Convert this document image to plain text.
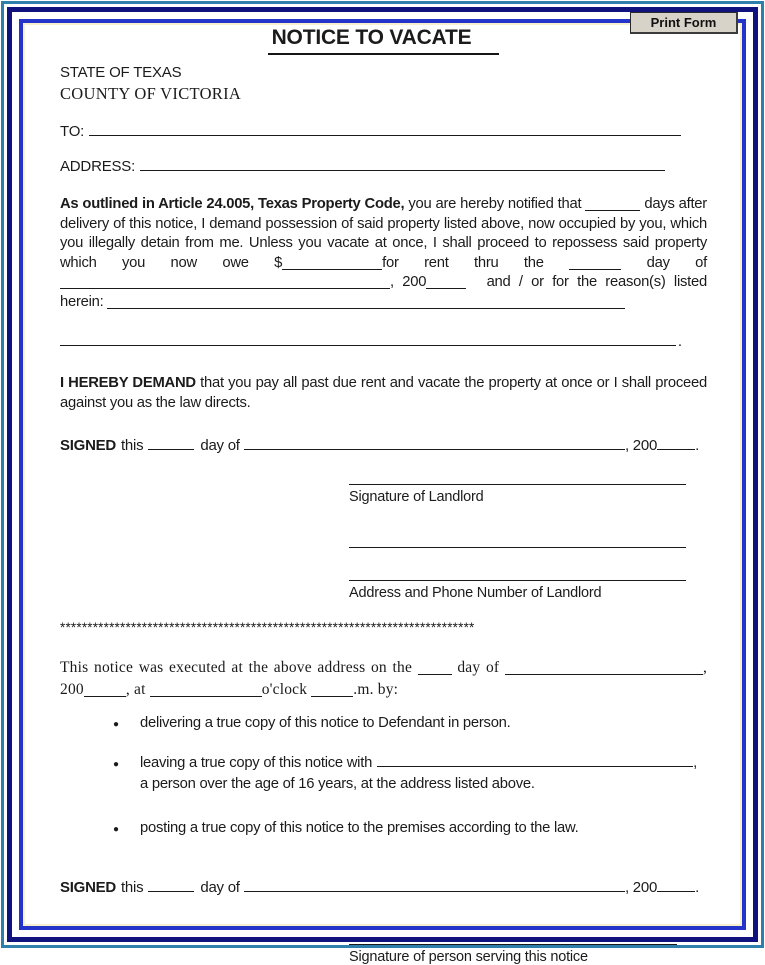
Print Form
NOTICE TO VACATE
STATE OF TEXAS
COUNTY OF VICTORIA
TO:
ADDRESS:

As outlined in Article 24.005, Texas Property Code, you are hereby notified that	days after delivery of this notice, I demand possession of said property listed above, now occupied by you, which you illegally detain from me. Unless you vacate at once, I shall proceed to repossess said property which you now owe $	for rent thru the	day of , 200	and / or for the reason(s) listed herein:

.

I HEREBY DEMAND that you pay all past due rent and vacate the property at once or I shall proceed against you as the law directs.

SIGNED this	day of	, 200	.
Signature of Landlord
Address and Phone Number of Landlord
****************************************************************************

This notice was executed at the above address on the	day of	, 200	, at	o'clock	.m. by:

●	delivering a true copy of this notice to Defendant in person.
●	leaving a true copy of this notice with	,
a person over the age of 16 years, at the address listed above.
●	posting a true copy of this notice to the premises according to the law.
SIGNED this	day of	, 200	.
Signature of person serving this notice
